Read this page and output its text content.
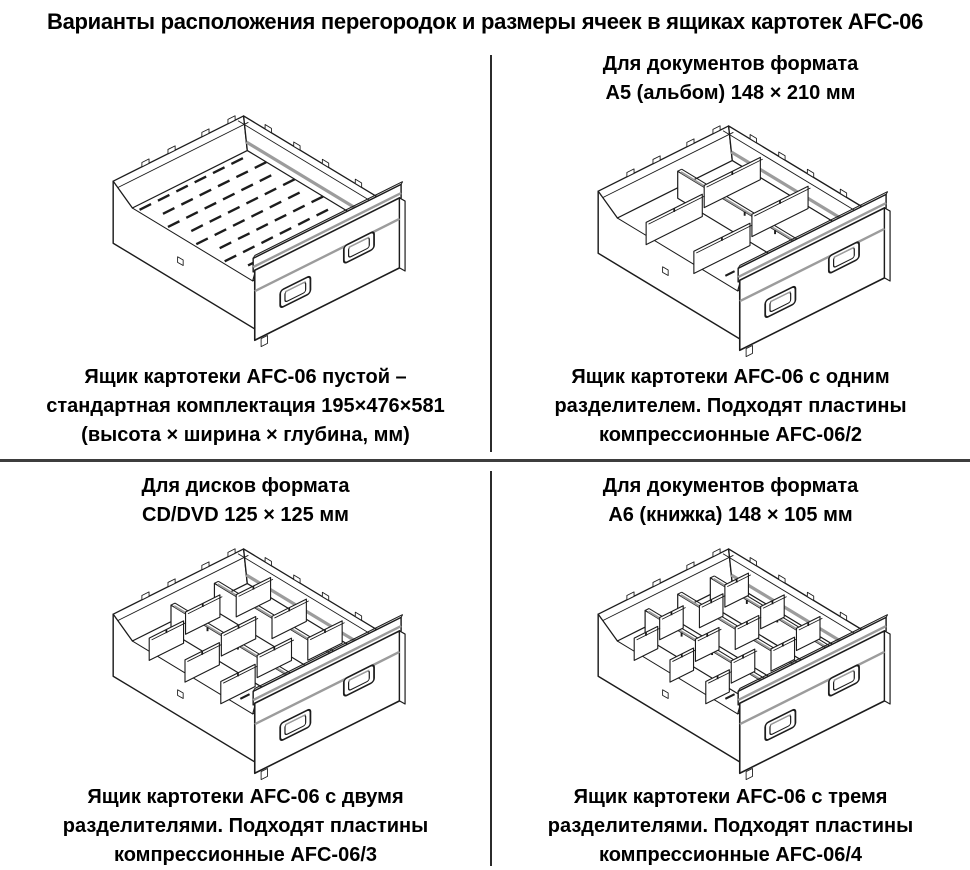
Варианты расположения перегородок и размеры ячеек в ящиках картотек AFC-06
Ящик картотеки AFC-06 пустой –
стандартная комплектация 195×476×581
(высота × ширина × глубина, мм)
Для документов формата
А5 (альбом) 148 × 210 мм
Ящик картотеки AFC-06 с одним
разделителем. Подходят пластины
компрессионные AFC-06/2
Для дисков формата
CD/DVD 125 × 125 мм
Ящик картотеки AFC-06 с двумя
разделителями. Подходят пластины
компрессионные AFC-06/3
Для документов формата
А6 (книжка) 148 × 105 мм
Ящик картотеки AFC-06 с тремя
разделителями. Подходят пластины
компрессионные AFC-06/4
